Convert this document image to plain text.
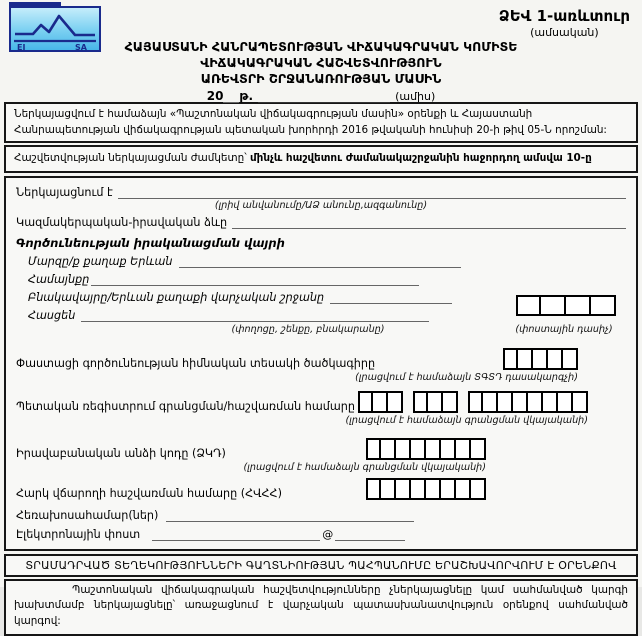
EI	SA
ՁԵՎ 1-առևտուր
(ամսական)
ՀԱՅԱՍՏԱՆԻ ՀԱՆՐԱՊԵՏՈՒԹՅԱՆ ՎԻՃԱԿԱԳՐԱԿԱՆ ԿՈՄԻՏԵ
ՎԻՃԱԿԱԳՐԱԿԱՆ ՀԱՇՎԵՏՎՈՒԹՅՈՒՆ
ԱՌԵՎՏՐԻ ՇՐՋԱՆԱՌՈՒԹՅԱՆ ՄԱՍԻՆ
20 թ.	(ամիս)
Ներկայացվում է համաձայն «Պաշտոնական վիճակագրության մասին» օրենքի և Հայաստանի Հանրապետության վիճակագրության պետական խորհրդի 2016 թվականի հունիսի 20-ի թիվ 05-Ն որոշման:
Հաշվետվության ներկայացման ժամկետը՝ մինչև հաշվետու ժամանակաշրջանին հաջորդող ամսվա 10-ը
Ներկայացնում է
(լրիվ անվանումը/ԱՁ անունը,ազգանունը)
Կազմակերպական-իրավական ձևը
Գործունեության իրականացման վայրի
Մարզը/ք քաղաք Երևան
Համայնքը
Բնակավայրը/Երևան քաղաքի վարչական շրջանը
Հասցեն
(փողոցը, շենքը, բնակարանը)	(փոստային դասիչ)
Փաստացի գործունեության հիմնական տեսակի ծածկագիրը
(լրացվում է համաձայն ՏԳՏԴ դասակարգչի)
Պետական ռեգիստրում գրանցման/հաշվառման համարը
(լրացվում է համաձայն գրանցման վկայականի)
Իրավաբանական անձի կոդը (ՁԿԴ)
(լրացվում է համաձայն գրանցման վկայականի)
Հարկ վճարողի հաշվառման համարը (ՀՎՀՀ)
Հեռախոսահամար(ներ)
Էլեկտրոնային փոստ	@
ՏՐԱՄԱԴՐՎԱԾ ՏԵՂԵԿՈՒԹՅՈՒՆՆԵՐԻ ԳԱՂՏՆԻՈՒԹՅԱՆ ՊԱՀՊԱՆՈՒՄԸ ԵՐԱՇԽԱՎՈՐՎՈՒՄ Է ՕՐԵՆՔՈՎ
Պաշտոնական վիճակագրական հաշվետվությունները չներկայացնելը կամ սահմանված կարգի խախտմամբ ներկայացնելը՝ առաջացնում է վարչական պատասխանատվություն օրենքով սահմանված կարգով:
